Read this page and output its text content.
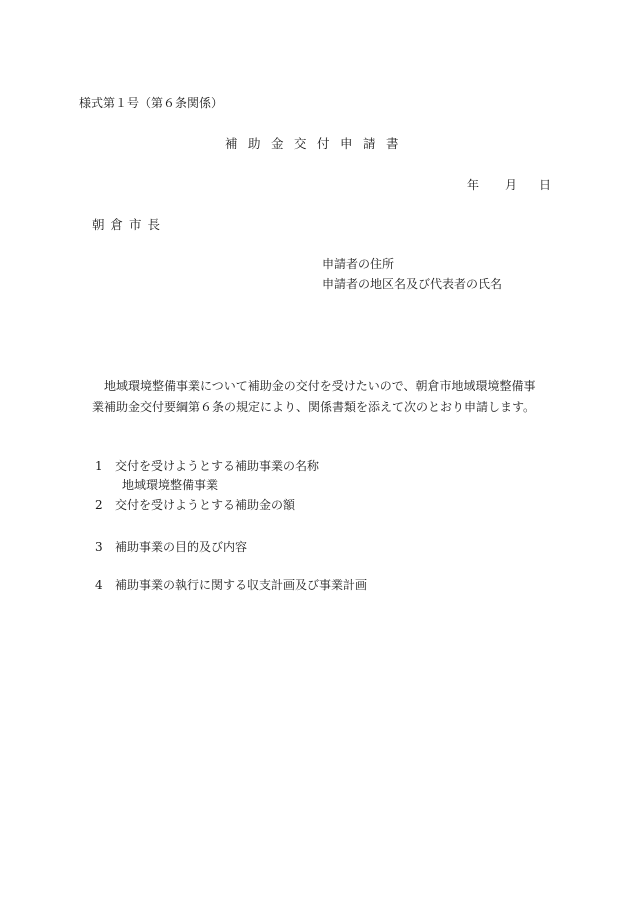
様式第１号（第６条関係）
補助金交付申請書
年 月 日
朝倉市長
申請者の住所
申請者の地区名及び代表者の氏名
地域環境整備事業について補助金の交付を受けたいので、朝倉市地域環境整備事業補助金交付要綱第６条の規定により、関係書類を添えて次のとおり申請します。
1 交付を受けようとする補助事業の名称
地域環境整備事業
2 交付を受けようとする補助金の額
3 補助事業の目的及び内容
4 補助事業の執行に関する収支計画及び事業計画
